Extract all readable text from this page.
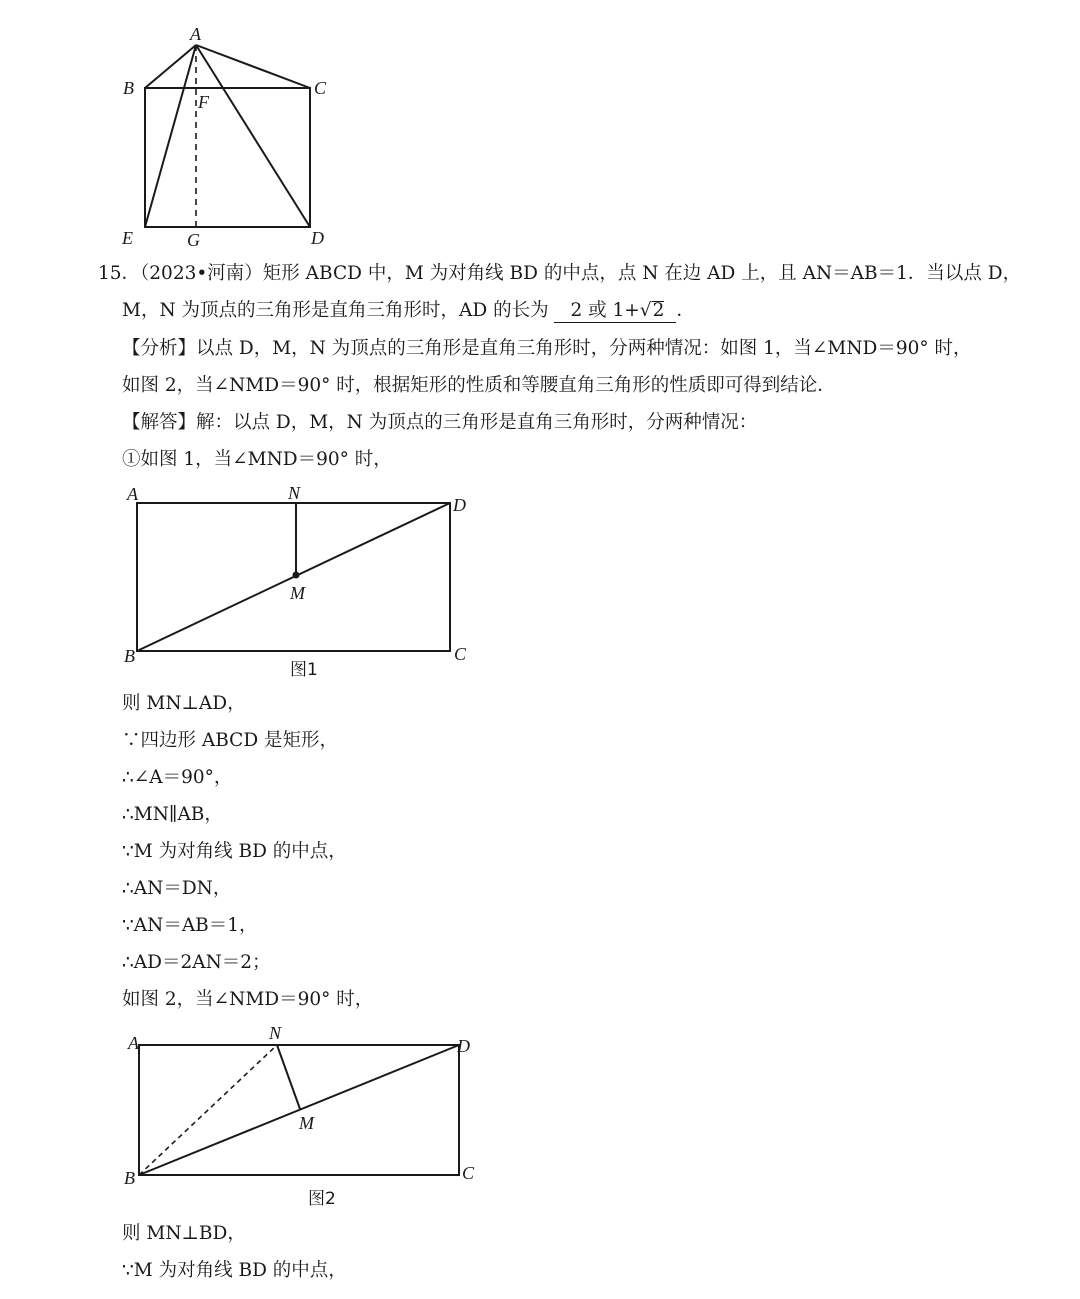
A
B	C
F
E	G	D
15．（2023•河南）矩形 ABCD 中，M 为对角线 BD 的中点，点 N 在边 AD 上，且 AN＝AB＝1．当以点 D，
M，N 为顶点的三角形是直角三角形时，AD 的长为 2 或 1+√2 ．
【分析】以点 D，M，N 为顶点的三角形是直角三角形时，分两种情况：如图 1，当∠MND＝90° 时，
如图 2，当∠NMD＝90° 时，根据矩形的性质和等腰直角三角形的性质即可得到结论．
【解答】解：以点 D，M，N 为顶点的三角形是直角三角形时，分两种情况：
①如图 1，当∠MND＝90° 时，
A	N
D
M
B	C
图1
则 MN⊥AD，
∵四边形 ABCD 是矩形，
∴∠A＝90°，
∴MN∥AB，
∵M 为对角线 BD 的中点，
∴AN＝DN，
∵AN＝AB＝1，
∴AD＝2AN＝2；
如图 2，当∠NMD＝90° 时，
A	N
D
M
B	C
图2
则 MN⊥BD，
∵M 为对角线 BD 的中点，
